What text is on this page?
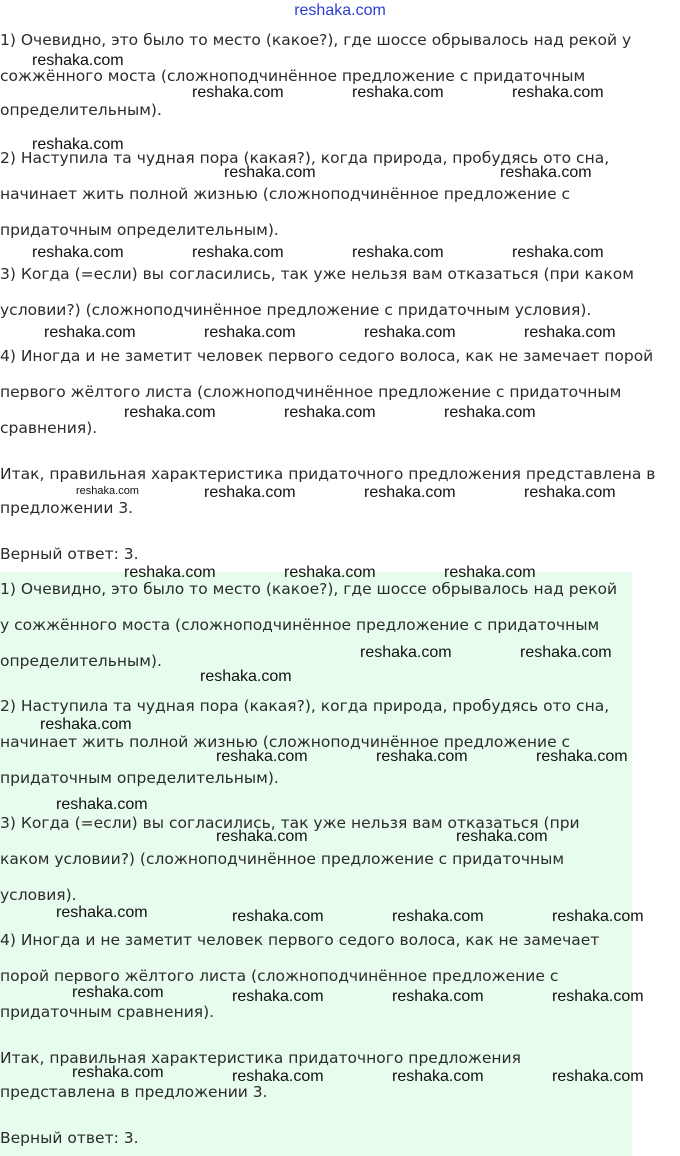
reshaka.com
1) Очевидно, это было то место (какое?), где шоссе обрывалось над рекой у
сожжённого моста (сложноподчинённое предложение с придаточным
определительным).
2) Наступила та чудная пора (какая?), когда природа, пробудясь ото сна,
начинает жить полной жизнью (сложноподчинённое предложение с
придаточным определительным).
3) Когда (=если) вы согласились, так уже нельзя вам отказаться (при каком
условии?) (сложноподчинённое предложение с придаточным условия).
4) Иногда и не заметит человек первого седого волоса, как не замечает порой
первого жёлтого листа (сложноподчинённое предложение с придаточным
сравнения).
Итак, правильная характеристика придаточного предложения представлена в
предложении 3.
Верный ответ: 3.
1) Очевидно, это было то место (какое?), где шоссе обрывалось над рекой
у сожжённого моста (сложноподчинённое предложение с придаточным
определительным).
2) Наступила та чудная пора (какая?), когда природа, пробудясь ото сна,
начинает жить полной жизнью (сложноподчинённое предложение с
придаточным определительным).
3) Когда (=если) вы согласились, так уже нельзя вам отказаться (при
каком условии?) (сложноподчинённое предложение с придаточным
условия).
4) Иногда и не заметит человек первого седого волоса, как не замечает
порой первого жёлтого листа (сложноподчинённое предложение с
придаточным сравнения).
Итак, правильная характеристика придаточного предложения
представлена в предложении 3.
Верный ответ: 3.
reshaka.com
reshaka.com	reshaka.com	reshaka.com
reshaka.com
reshaka.com	reshaka.com
reshaka.com	reshaka.com	reshaka.com	reshaka.com
reshaka.com	reshaka.com	reshaka.com	reshaka.com
reshaka.com	reshaka.com	reshaka.com
reshaka.com	reshaka.com	reshaka.com	reshaka.com
reshaka.com	reshaka.com	reshaka.com
reshaka.com	reshaka.com
reshaka.com
reshaka.com
reshaka.com	reshaka.com	reshaka.com
reshaka.com
reshaka.com	reshaka.com
reshaka.com	reshaka.com	reshaka.com	reshaka.com
reshaka.com	reshaka.com	reshaka.com	reshaka.com
reshaka.com	reshaka.com	reshaka.com	reshaka.com
